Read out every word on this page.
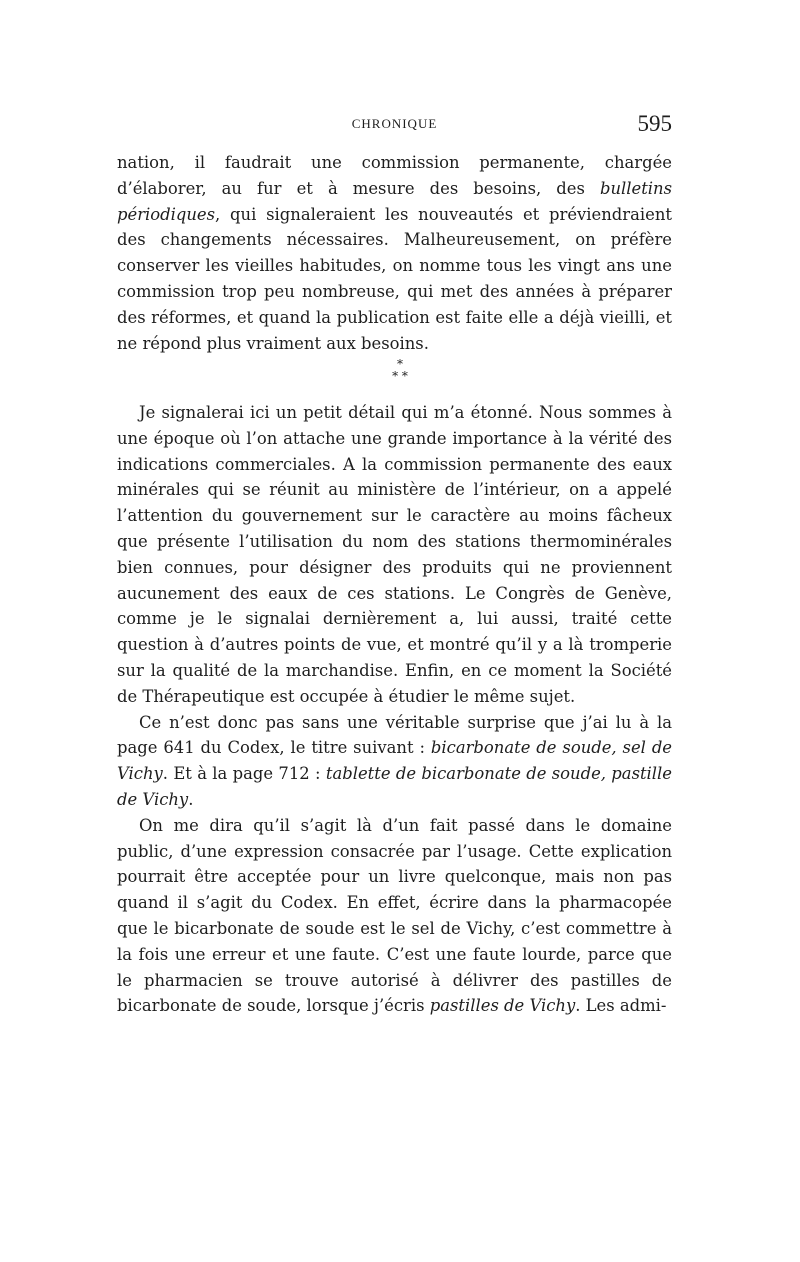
CHRONIQUE	595

nation, il faudrait une commission permanente, chargée d’élaborer, au fur et à mesure des besoins, des bulletins périodiques, qui signaleraient les nouveautés et préviendraient des changements nécessaires. Malheureusement, on préfère conserver les vieilles habitudes, on nomme tous les vingt ans une commission trop peu nombreuse, qui met des années à préparer des réformes, et quand la publication est faite elle a déjà vieilli, et ne répond plus vraiment aux besoins.

*
* *

Je signalerai ici un petit détail qui m’a étonné. Nous sommes à une époque où l’on attache une grande importance à la vérité des indications commerciales. A la commission permanente des eaux minérales qui se réunit au ministère de l’intérieur, on a appelé l’attention du gouvernement sur le caractère au moins fâcheux que présente l’utilisation du nom des stations thermominérales bien connues, pour désigner des produits qui ne proviennent aucunement des eaux de ces stations. Le Congrès de Genève, comme je le signalai dernièrement a, lui aussi, traité cette question à d’autres points de vue, et montré qu’il y a là tromperie sur la qualité de la marchandise. Enfin, en ce moment la Société de Thérapeutique est occupée à étudier le même sujet.

Ce n’est donc pas sans une véritable surprise que j’ai lu à la page 641 du Codex, le titre suivant : bicarbonate de soude, sel de Vichy. Et à la page 712 : tablette de bicarbonate de soude, pastille de Vichy.

On me dira qu’il s’agit là d’un fait passé dans le domaine public, d’une expression consacrée par l’usage. Cette explication pourrait être acceptée pour un livre quelconque, mais non pas quand il s’agit du Codex. En effet, écrire dans la pharmacopée que le bicarbonate de soude est le sel de Vichy, c’est commettre à la fois une erreur et une faute. C’est une faute lourde, parce que le pharmacien se trouve autorisé à délivrer des pastilles de bicarbonate de soude, lorsque j’écris pastilles de Vichy. Les admi-
